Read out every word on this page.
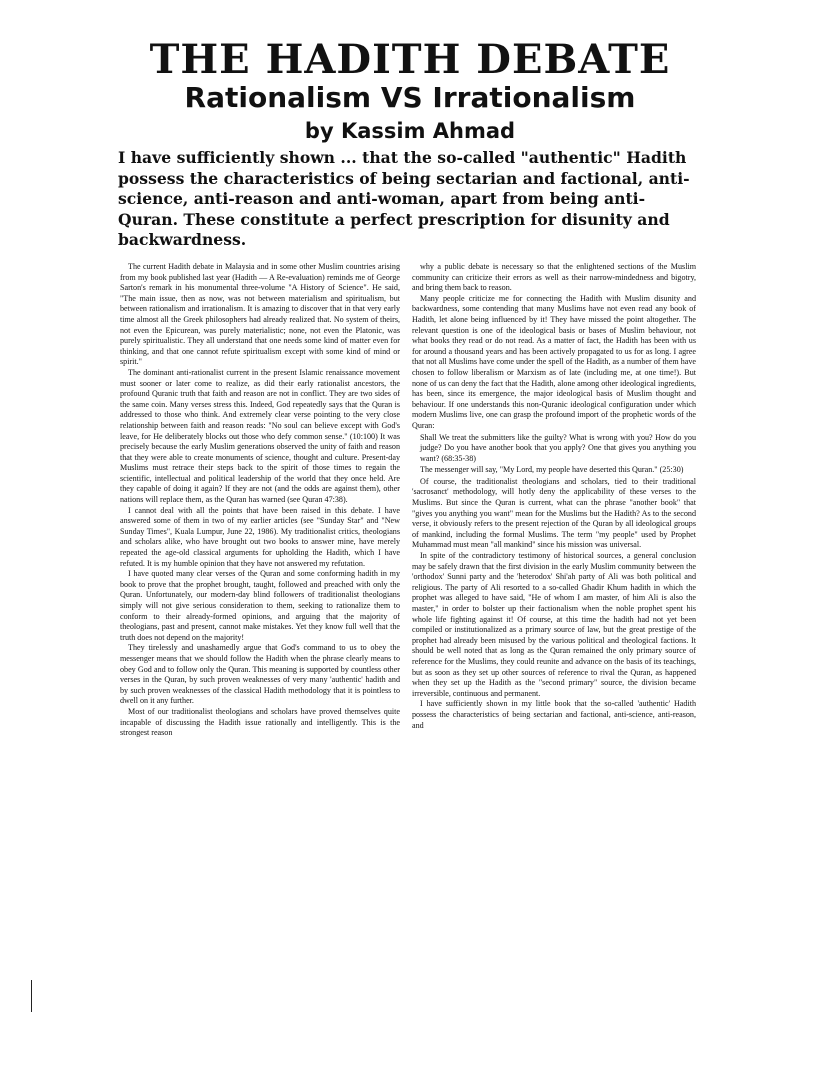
THE HADITH DEBATE
Rationalism VS Irrationalism
by Kassim Ahmad

I have sufficiently shown ... that the so-called "authentic" Hadith possess the characteristics of being sectarian and factional, anti-science, anti-reason and anti-woman, apart from being anti-Quran. These constitute a perfect prescription for disunity and backwardness.

The current Hadith debate in Malaysia and in some other Muslim countries arising from my book published last year (Hadith — A Re-evaluation) reminds me of George Sarton's remark in his monumental three-volume "A History of Science". He said, "The main issue, then as now, was not between materialism and spiritualism, but between rationalism and irrationalism. It is amazing to discover that in that very early time almost all the Greek philosophers had already realized that. No system of theirs, not even the Epicurean, was purely materialistic; none, not even the Platonic, was purely spiritualistic. They all understand that one needs some kind of matter even for thinking, and that one cannot refute spiritualism except with some kind of mind or spirit."

The dominant anti-rationalist current in the present Islamic renaissance movement must sooner or later come to realize, as did their early rationalist ancestors, the profound Quranic truth that faith and reason are not in conflict. They are two sides of the same coin. Many verses stress this. Indeed, God repeatedly says that the Quran is addressed to those who think. And extremely clear verse pointing to the very close relationship between faith and reason reads: "No soul can believe except with God's leave, for He deliberately blocks out those who defy common sense." (10:100) It was precisely because the early Muslim generations observed the unity of faith and reason that they were able to create monuments of science, thought and culture. Present-day Muslims must retrace their steps back to the spirit of those times to regain the scientific, intellectual and political leadership of the world that they once held. Are they capable of doing it again? If they are not (and the odds are against them), other nations will replace them, as the Quran has warned (see Quran 47:38).

I cannot deal with all the points that have been raised in this debate. I have answered some of them in two of my earlier articles (see "Sunday Star" and "New Sunday Times", Kuala Lumpur, June 22, 1986). My traditionalist critics, theologians and scholars alike, who have brought out two books to answer mine, have merely repeated the age-old classical arguments for upholding the Hadith, which I have refuted. It is my humble opinion that they have not answered my refutation.

I have quoted many clear verses of the Quran and some conforming hadith in my book to prove that the prophet brought, taught, followed and preached with only the Quran. Unfortunately, our modern-day blind followers of traditionalist theologians simply will not give serious consideration to them, seeking to rationalize them to conform to their already-formed opinions, and arguing that the majority of theologians, past and present, cannot make mistakes. Yet they know full well that the truth does not depend on the majority!

They tirelessly and unashamedly argue that God's command to us to obey the messenger means that we should follow the Hadith when the phrase clearly means to obey God and to follow only the Quran. This meaning is supported by countless other verses in the Quran, by such proven weaknesses of very many 'authentic' hadith and by such proven weaknesses of the classical Hadith methodology that it is pointless to dwell on it any further.

Most of our traditionalist theologians and scholars have proved themselves quite incapable of discussing the Hadith issue rationally and intelligently. This is the strongest reason

why a public debate is necessary so that the enlightened sections of the Muslim community can criticize their errors as well as their narrow-mindedness and bigotry, and bring them back to reason.

Many people criticize me for connecting the Hadith with Muslim disunity and backwardness, some contending that many Muslims have not even read any book of Hadith, let alone being influenced by it! They have missed the point altogether. The relevant question is one of the ideological basis or bases of Muslim behaviour, not what books they read or do not read. As a matter of fact, the Hadith has been with us for around a thousand years and has been actively propagated to us for as long. I agree that not all Muslims have come under the spell of the Hadith, as a number of them have chosen to follow liberalism or Marxism as of late (including me, at one time!). But none of us can deny the fact that the Hadith, alone among other ideological ingredients, has been, since its emergence, the major ideological basis of Muslim thought and behaviour. If one understands this non-Quranic ideological configuration under which modern Muslims live, one can grasp the profound import of the prophetic words of the Quran:

Shall We treat the submitters like the guilty? What is wrong with you? How do you judge? Do you have another book that you apply? One that gives you anything you want? (68:35-38)

The messenger will say, "My Lord, my people have deserted this Quran." (25:30)

Of course, the traditionalist theologians and scholars, tied to their traditional 'sacrosanct' methodology, will hotly deny the applicability of these verses to the Muslims. But since the Quran is current, what can the phrase "another book" that "gives you anything you want" mean for the Muslims but the Hadith? As to the second verse, it obviously refers to the present rejection of the Quran by all ideological groups of mankind, including the formal Muslims. The term "my people" used by Prophet Muhammad must mean "all mankind" since his mission was universal.

In spite of the contradictory testimony of historical sources, a general conclusion may be safely drawn that the first division in the early Muslim community between the 'orthodox' Sunni party and the 'heterodox' Shi'ah party of Ali was both political and religious. The party of Ali resorted to a so-called Ghadir Khum hadith in which the prophet was alleged to have said, "He of whom I am master, of him Ali is also the master," in order to bolster up their factionalism when the noble prophet spent his whole life fighting against it! Of course, at this time the hadith had not yet been compiled or institutionalized as a primary source of law, but the great prestige of the prophet had already been misused by the various political and theological factions. It should be well noted that as long as the Quran remained the only primary source of reference for the Muslims, they could reunite and advance on the basis of its teachings, but as soon as they set up other sources of reference to rival the Quran, as happened when they set up the Hadith as the "second primary" source, the division became irreversible, continuous and permanent.

I have sufficiently shown in my little book that the so-called 'authentic' Hadith possess the characteristics of being sectarian and factional, anti-science, anti-reason, and
